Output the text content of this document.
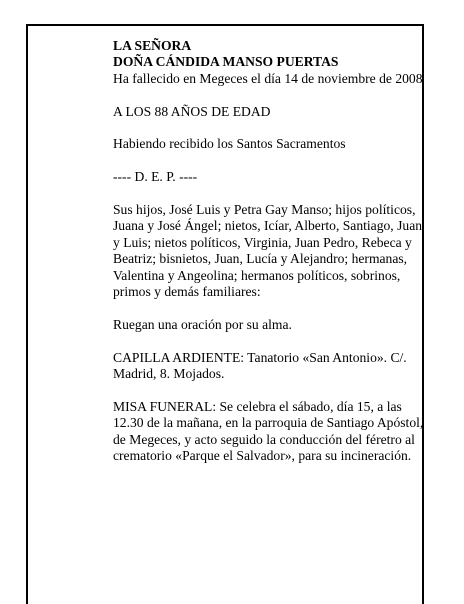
LA SEÑORA
DOÑA CÁNDIDA MANSO PUERTAS

Ha fallecido en Megeces el día 14 de noviembre de 2008

A LOS 88 AÑOS DE EDAD

Habiendo recibido los Santos Sacramentos

---- D. E. P. ----

Sus hijos, José Luis y Petra Gay Manso; hijos políticos, Juana y José Ángel; nietos, Icíar, Alberto, Santiago, Juan y Luis; nietos políticos, Virginia, Juan Pedro, Rebeca y Beatriz; bisnietos, Juan, Lucía y Alejandro; hermanas, Valentina y Angeolina; hermanos políticos, sobrinos, primos y demás familiares:

Ruegan una oración por su alma.

CAPILLA ARDIENTE: Tanatorio «San Antonio». C/. Madrid, 8. Mojados.

MISA FUNERAL: Se celebra el sábado, día 15, a las 12.30 de la mañana, en la parroquia de Santiago Apóstol, de Megeces, y acto seguido la conducción del féretro al crematorio «Parque el Salvador», para su incineración.
